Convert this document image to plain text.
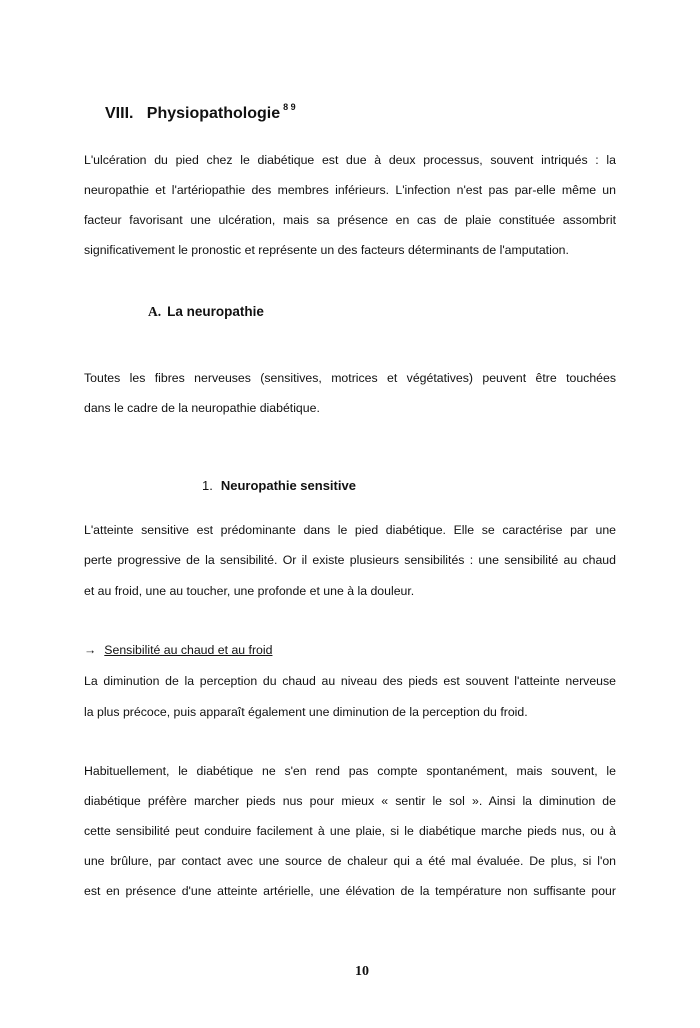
VIII. Physiopathologie $^{8 9}$
L'ulcération du pied chez le diabétique est due à deux processus, souvent intriqués : la
neuropathie et l'artériopathie des membres inférieurs. L'infection n'est pas par-elle même un
facteur favorisant une ulcération, mais sa présence en cas de plaie constituée assombrit
significativement le pronostic et représente un des facteurs déterminants de l'amputation.
A. La neuropathie
Toutes les fibres nerveuses (sensitives, motrices et végétatives) peuvent être touchées
dans le cadre de la neuropathie diabétique.
1. Neuropathie sensitive
L'atteinte sensitive est prédominante dans le pied diabétique. Elle se caractérise par une
perte progressive de la sensibilité. Or il existe plusieurs sensibilités : une sensibilité au chaud
et au froid, une au toucher, une profonde et une à la douleur.
→ Sensibilité au chaud et au froid
La diminution de la perception du chaud au niveau des pieds est souvent l'atteinte nerveuse
la plus précoce, puis apparaît également une diminution de la perception du froid.
Habituellement, le diabétique ne s'en rend pas compte spontanément, mais souvent, le
diabétique préfère marcher pieds nus pour mieux « sentir le sol ». Ainsi la diminution de
cette sensibilité peut conduire facilement à une plaie, si le diabétique marche pieds nus, ou à
une brûlure, par contact avec une source de chaleur qui a été mal évaluée. De plus, si l'on
est en présence d'une atteinte artérielle, une élévation de la température non suffisante pour
10
